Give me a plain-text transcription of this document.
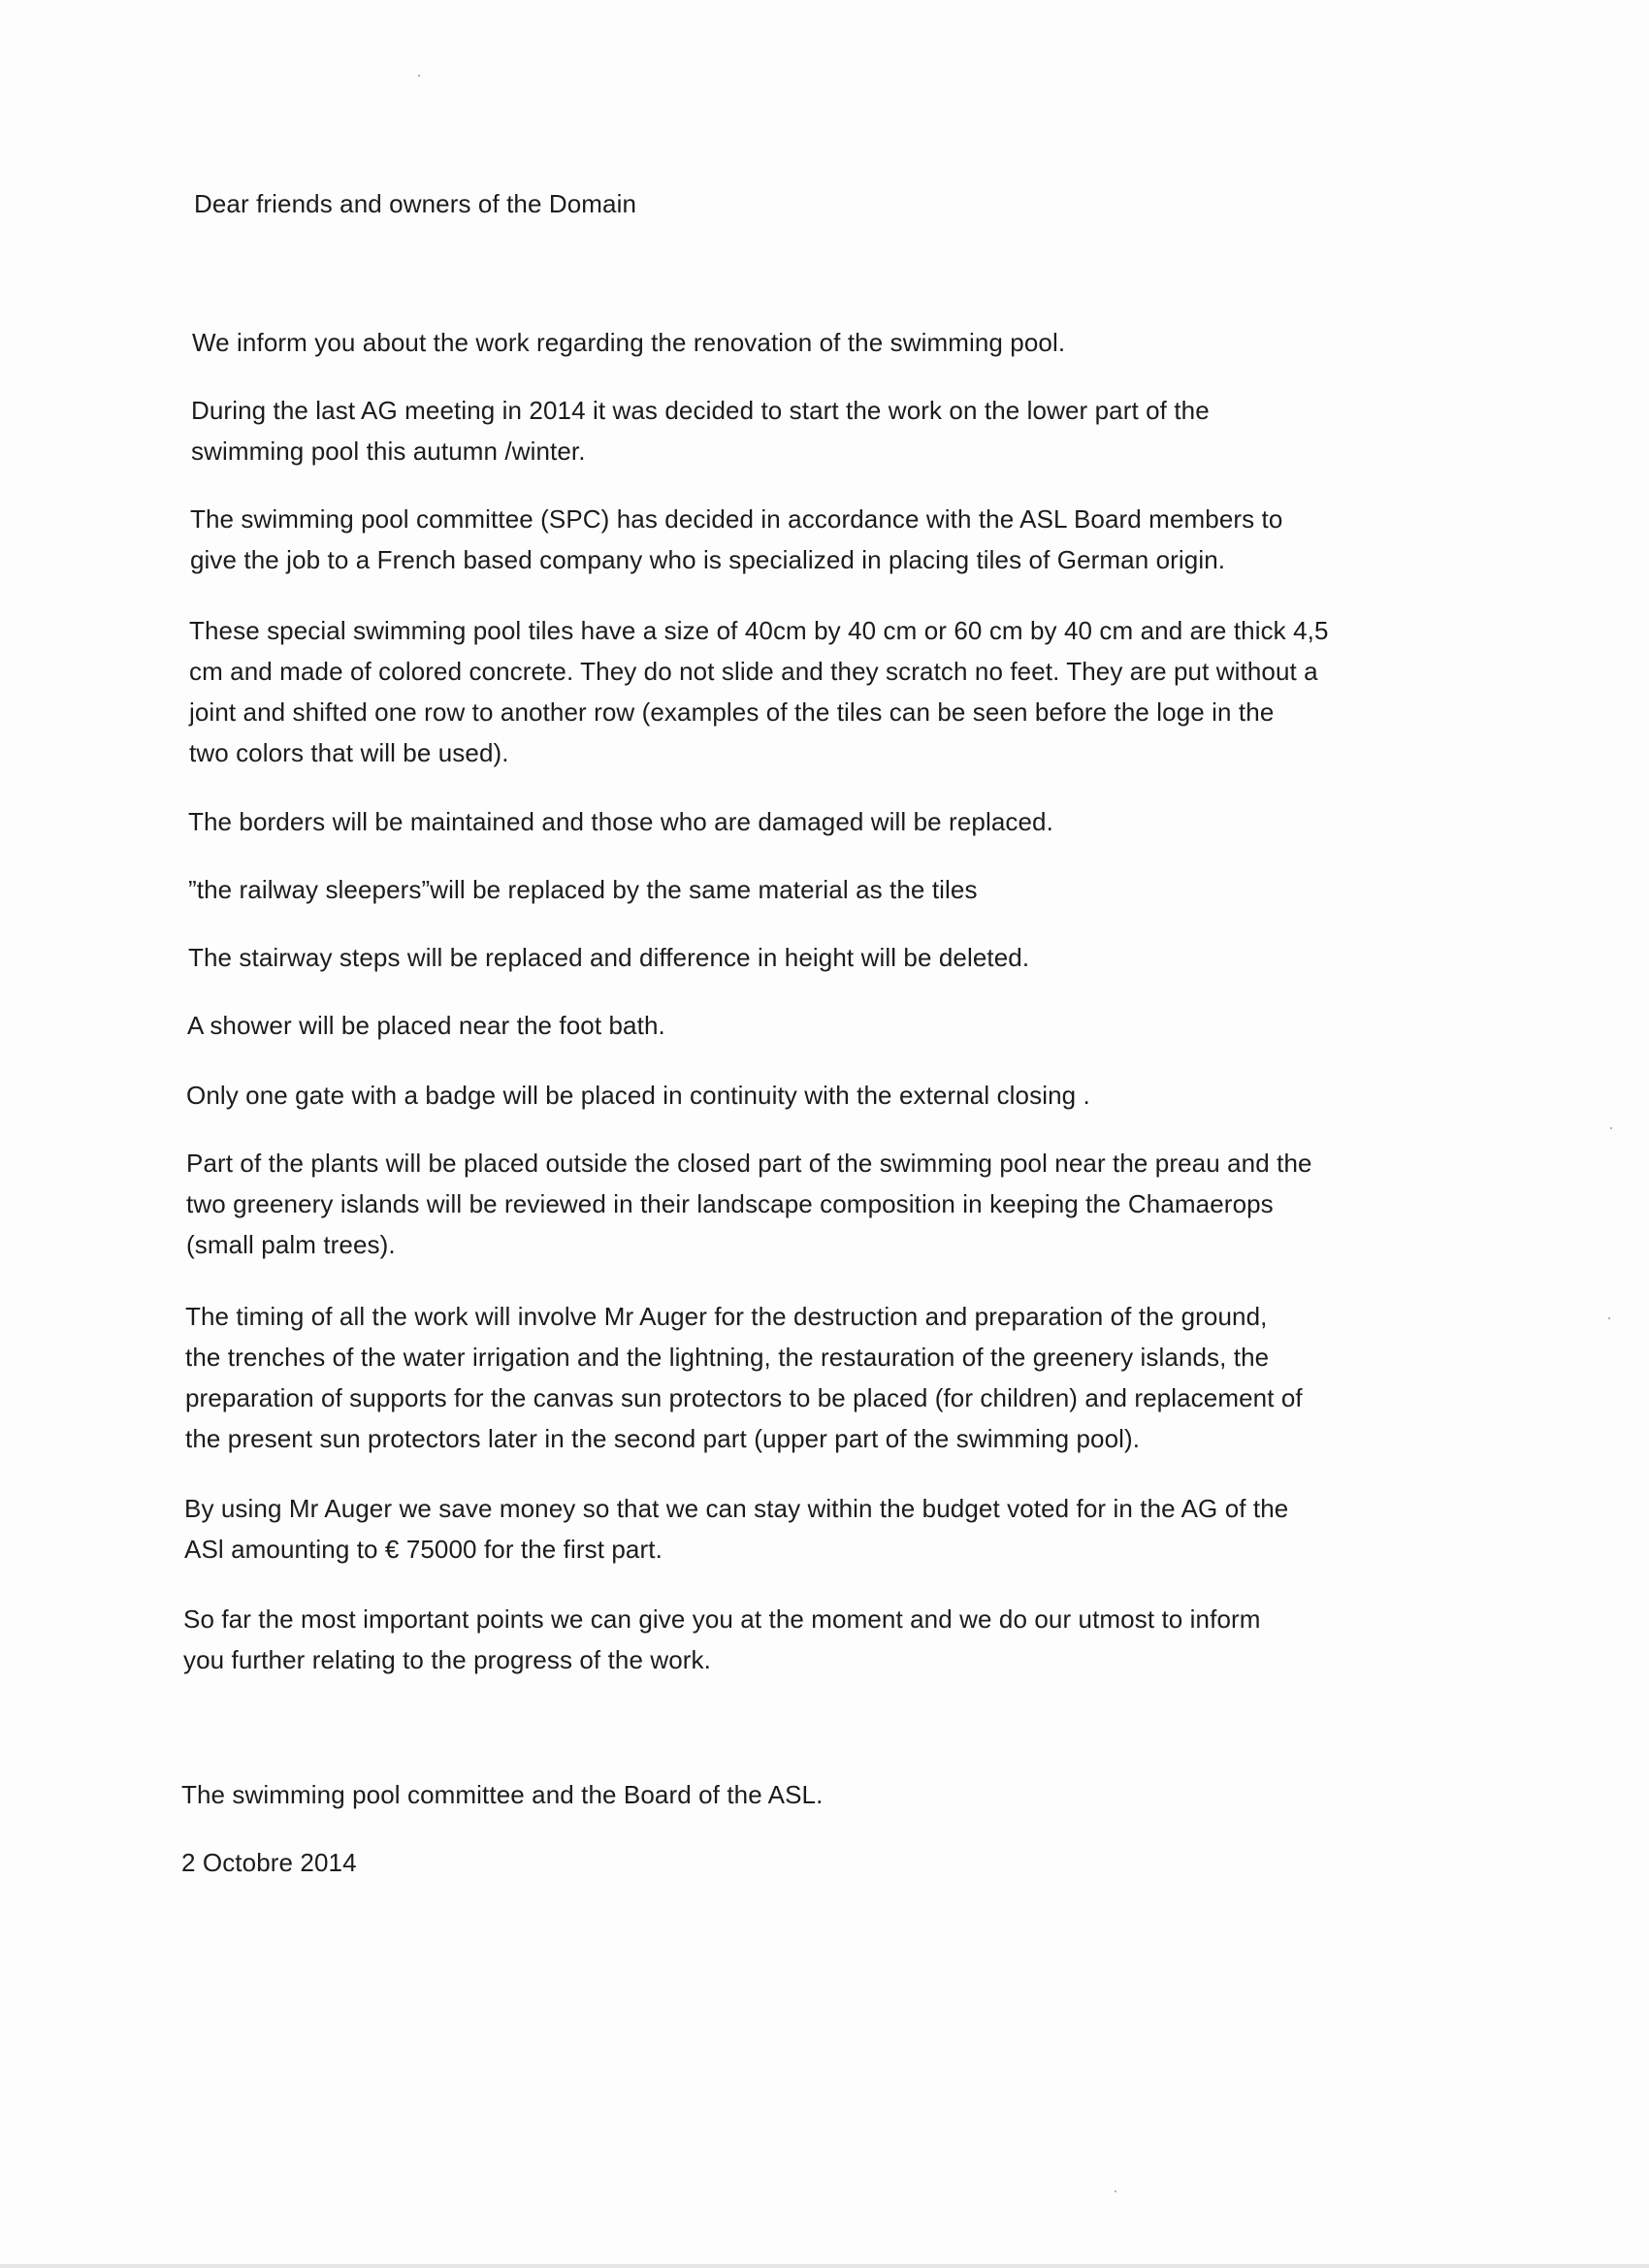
Dear friends and owners of the Domain

We inform you about the work regarding the renovation of the swimming pool.

During the last AG meeting in 2014 it was decided to start the work on the lower part of the
swimming pool this autumn /winter.

The swimming pool committee (SPC) has decided in accordance with the ASL Board members to
give the job to a French based company who is specialized in placing tiles of German origin.

These special swimming pool tiles have a size of 40cm by 40 cm or 60 cm by 40 cm and are thick 4,5
cm and made of colored concrete. They do not slide and they scratch no feet. They are put without a
joint and shifted one row to another row (examples of the tiles can be seen before the loge in the
two colors that will be used).

The borders will be maintained and those who are damaged will be replaced.

”the railway sleepers”will be replaced by the same material as the tiles

The stairway steps will be replaced and difference in height will be deleted.

A shower will be placed near the foot bath.

Only one gate with a badge will be placed in continuity with the external closing .

Part of the plants will be placed outside the closed part of the swimming pool near the preau and the
two greenery islands will be reviewed in their landscape composition in keeping the Chamaerops
(small palm trees).

The timing of all the work will involve Mr Auger for the destruction and preparation of the ground,
the trenches of the water irrigation and the lightning, the restauration of the greenery islands, the
preparation of supports for the canvas sun protectors to be placed (for children) and replacement of
the present sun protectors later in the second part (upper part of the swimming pool).

By using Mr Auger we save money so that we can stay within the budget voted for in the AG of the
ASl amounting to € 75000 for the first part.

So far the most important points we can give you at the moment and we do our utmost to inform
you further relating to the progress of the work.

The swimming pool committee and the Board of the ASL.

2 Octobre 2014
